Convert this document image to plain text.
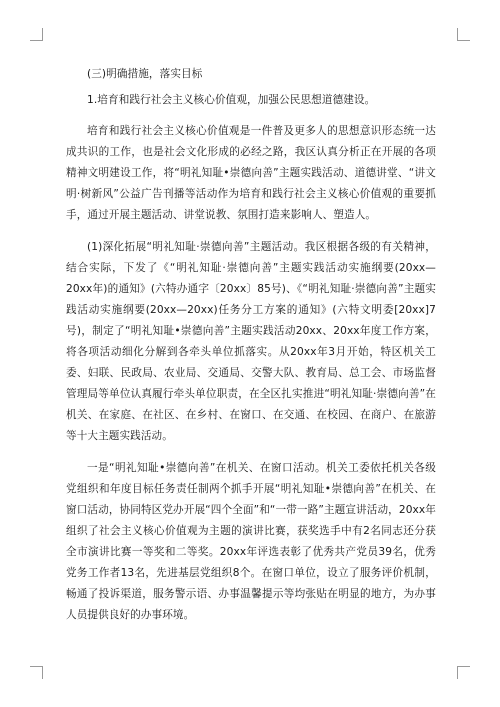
(三)明确措施，落实目标

1.培育和践行社会主义核心价值观，加强公民思想道德建设。

培育和践行社会主义核心价值观是一件普及更多人的思想意识形态统一达成共识的工作，也是社会文化形成的必经之路，我区认真分析正在开展的各项精神文明建设工作，将“明礼知耻•崇德向善”主题实践活动、道德讲堂、“讲文明·树新风”公益广告刊播等活动作为培育和践行社会主义核心价值观的重要抓手，通过开展主题活动、讲堂说教、氛围打造来影响人、塑造人。

(1)深化拓展“明礼知耻·崇德向善”主题活动。我区根据各级的有关精神，结合实际，下发了《“明礼知耻·崇德向善”主题实践活动实施纲要(20xx—20xx年)的通知》(六特办通字〔20xx〕85号)、《“明礼知耻·崇德向善”主题实践活动实施纲要(20xx—20xx)任务分工方案的通知》(六特文明委[20xx]7号)，制定了“明礼知耻•崇德向善”主题实践活动20xx、20xx年度工作方案，将各项活动细化分解到各牵头单位抓落实。从20xx年3月开始，特区机关工委、妇联、民政局、农业局、交通局、交警大队、教育局、总工会、市场监督管理局等单位认真履行牵头单位职责，在全区扎实推进“明礼知耻·崇德向善”在机关、在家庭、在社区、在乡村、在窗口、在交通、在校园、在商户、在旅游等十大主题实践活动。

一是“明礼知耻•崇德向善”在机关、在窗口活动。机关工委依托机关各级党组织和年度目标任务责任制两个抓手开展“明礼知耻•崇德向善”在机关、在窗口活动，协同特区党办开展“四个全面”和“一带一路”主题宣讲活动，20xx年组织了社会主义核心价值观为主题的演讲比赛，获奖选手中有2名同志还分获全市演讲比赛一等奖和二等奖。20xx年评选表彰了优秀共产党员39名，优秀党务工作者13名，先进基层党组织8个。在窗口单位，设立了服务评价机制，畅通了投诉渠道，服务警示语、办事温馨提示等均张贴在明显的地方，为办事人员提供良好的办事环境。
